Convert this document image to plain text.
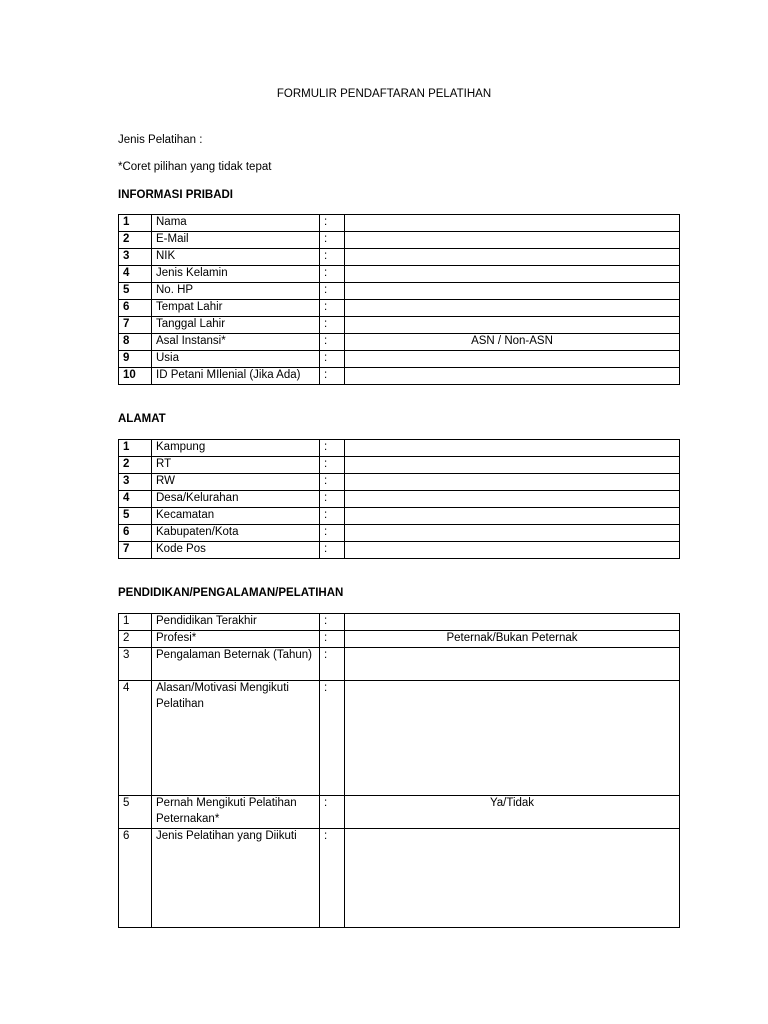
FORMULIR PENDAFTARAN PELATIHAN
Jenis Pelatihan :
*Coret pilihan yang tidak tepat
INFORMASI PRIBADI
1	Nama	:	
2	E-Mail	:	
3	NIK	:	
4	Jenis Kelamin	:	
5	No. HP	:	
6	Tempat Lahir	:	
7	Tanggal Lahir	:	
8	Asal Instansi*	:	ASN / Non-ASN
9	Usia	:	
10	ID Petani MIlenial (Jika Ada)	:	
ALAMAT
1	Kampung	:	
2	RT	:	
3	RW	:	
4	Desa/Kelurahan	:	
5	Kecamatan	:	
6	Kabupaten/Kota	:	
7	Kode Pos	:	
PENDIDIKAN/PENGALAMAN/PELATIHAN
1	Pendidikan Terakhir	:	
2	Profesi*	:	Peternak/Bukan Peternak
3	Pengalaman Beternak (Tahun)	:	
4	Alasan/Motivasi Mengikuti Pelatihan	:	
5	Pernah Mengikuti Pelatihan Peternakan*	:	Ya/Tidak
6	Jenis Pelatihan yang Diikuti	:	
